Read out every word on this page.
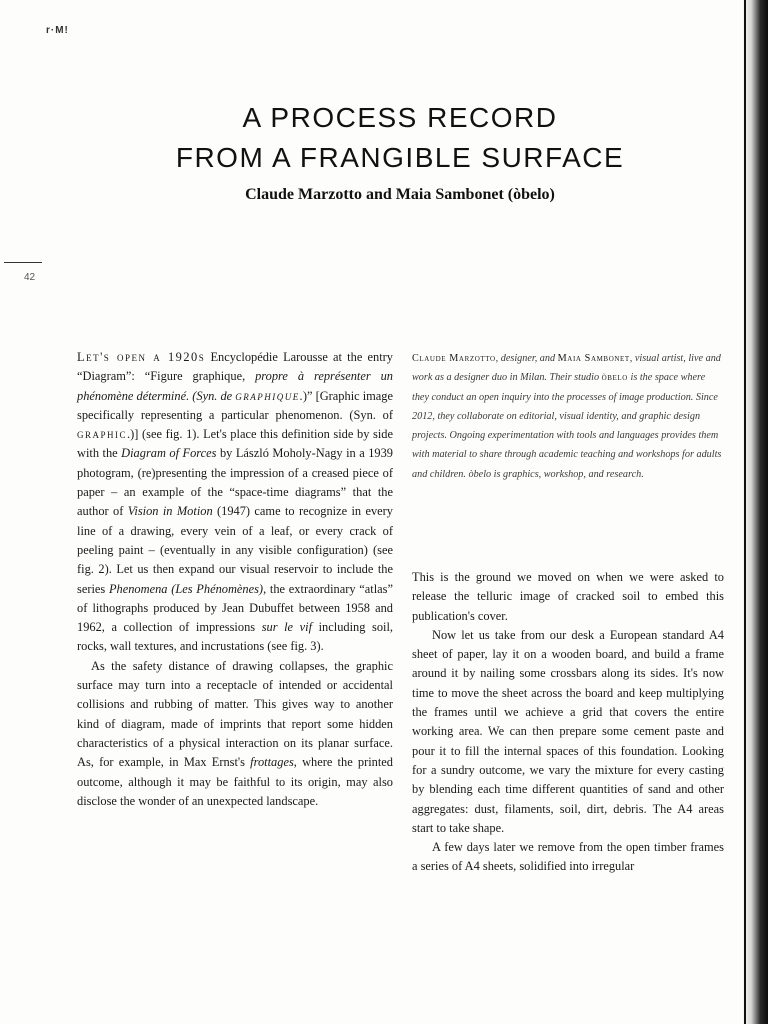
r·M!
A PROCESS RECORD
FROM A FRANGIBLE SURFACE
Claude Marzotto and Maia Sambonet (òbelo)
42

Let's open a 1920s Encyclopédie Larousse at the entry “Diagram”: “Figure graphique, propre à représenter un phénomène déterminé. (Syn. de graphique.)” [Graphic image specifically representing a particular phenomenon. (Syn. of graphic.)] (see fig. 1). Let's place this definition side by side with the Diagram of Forces by László Moholy-Nagy in a 1939 photogram, (re)presenting the impression of a creased piece of paper – an example of the “space-time diagrams” that the author of Vision in Motion (1947) came to recognize in every line of a drawing, every vein of a leaf, or every crack of peeling paint – (eventually in any visible configuration) (see fig. 2). Let us then expand our visual reservoir to include the series Phenomena (Les Phénomènes), the extraordinary “atlas” of lithographs produced by Jean Dubuffet between 1958 and 1962, a collection of impressions sur le vif including soil, rocks, wall textures, and incrustations (see fig. 3).

As the safety distance of drawing collapses, the graphic surface may turn into a receptacle of intended or accidental collisions and rubbing of matter. This gives way to another kind of diagram, made of imprints that report some hidden characteristics of a physical interaction on its planar surface. As, for example, in Max Ernst's frottages, where the printed outcome, although it may be faithful to its origin, may also disclose the wonder of an unexpected landscape.

Claude Marzotto, designer, and Maia Sambonet, visual artist, live and work as a designer duo in Milan. Their studio òbelo is the space where they conduct an open inquiry into the processes of image production. Since 2012, they collaborate on editorial, visual identity, and graphic design projects. Ongoing experimentation with tools and languages provides them with material to share through academic teaching and workshops for adults and children. òbelo is graphics, workshop, and research.

This is the ground we moved on when we were asked to release the telluric image of cracked soil to embed this publication's cover.

Now let us take from our desk a European standard A4 sheet of paper, lay it on a wooden board, and build a frame around it by nailing some crossbars along its sides. It's now time to move the sheet across the board and keep multiplying the frames until we achieve a grid that covers the entire working area. We can then prepare some cement paste and pour it to fill the internal spaces of this foundation. Looking for a sundry outcome, we vary the mixture for every casting by blending each time different quantities of sand and other aggregates: dust, filaments, soil, dirt, debris. The A4 areas start to take shape.

A few days later we remove from the open timber frames a series of A4 sheets, solidified into irregular
